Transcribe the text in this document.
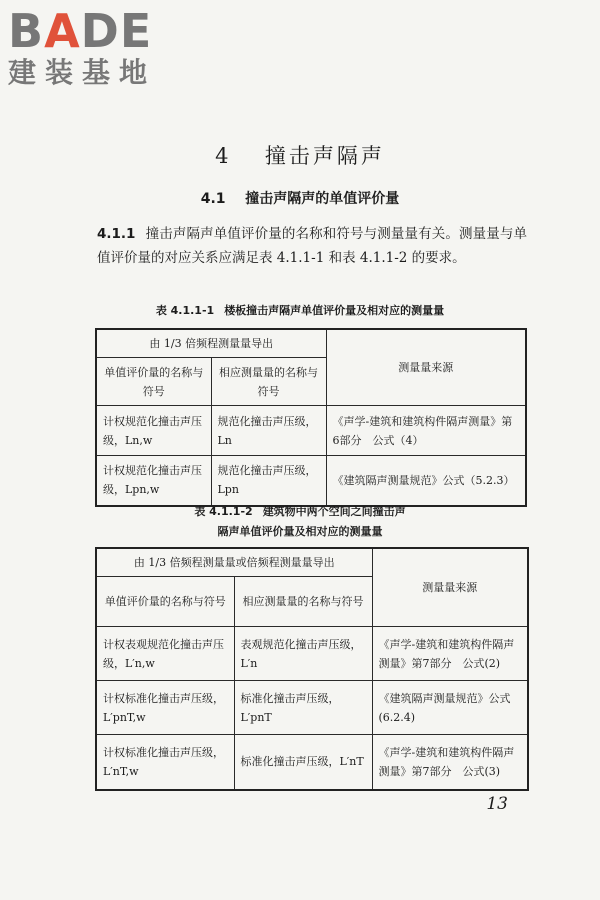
BADE
建装基地
4 撞击声隔声
4.1 撞击声隔声的单值评价量

4.1.1 撞击声隔声单值评价量的名称和符号与测量量有关。测量量与单值评价量的对应关系应满足表 4.1.1-1 和表 4.1.1-2 的要求。

表 4.1.1-1 楼板撞击声隔声单值评价量及相对应的测量量

由 1/3 倍频程测量量导出		测量量来源
单值评价量的名称与符号	相应测量量的名称与符号	
计权规范化撞击声压级，Ln,w	规范化撞击声压级，Ln	《声学-建筑和建筑构件隔声测量》第6部分　公式（4）
计权规范化撞击声压级，Lpn,w	规范化撞击声压级，Lpn	《建筑隔声测量规范》公式（5.2.3）

表 4.1.1-2 建筑物中两个空间之间撞击声

隔声单值评价量及相对应的测量量

由 1/3 倍频程测量量或倍频程测量量导出		测量量来源
单值评价量的名称与符号	相应测量量的名称与符号	
计权表观规范化撞击声压级，L′n,w	表观规范化撞击声压级，L′n	《声学-建筑和建筑构件隔声测量》第7部分　公式(2)
计权标准化撞击声压级，L′pnT,w	标准化撞击声压级，L′pnT	《建筑隔声测量规范》公式(6.2.4)
计权标准化撞击声压级，L′nT,w	标准化撞击声压级，L′nT	《声学-建筑和建筑构件隔声测量》第7部分　公式(3)
13
